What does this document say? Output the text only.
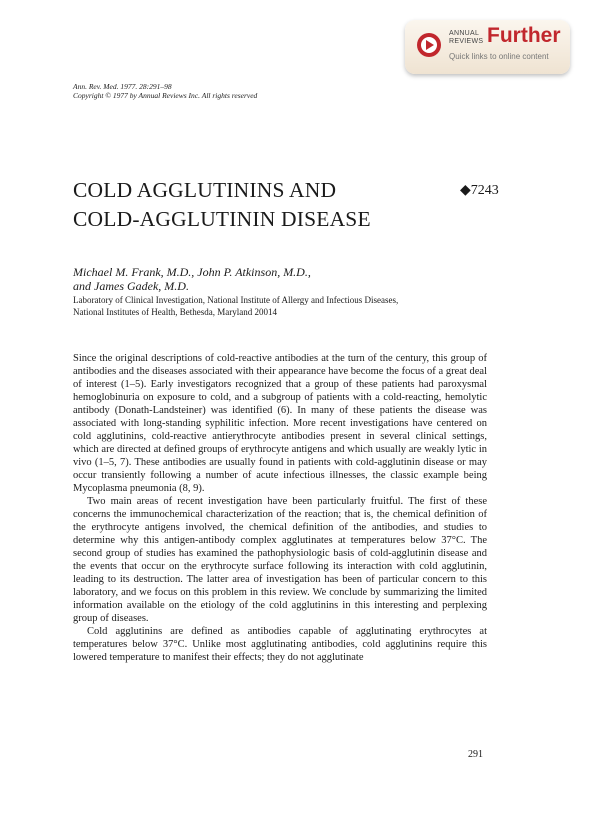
ANNUAL
REVIEWS Further
Quick links to online content
Ann. Rev. Med. 1977. 28:291–98
Copyright © 1977 by Annual Reviews Inc. All rights reserved
COLD AGGLUTININS AND
COLD-AGGLUTININ DISEASE
◆7243
Michael M. Frank, M.D., John P. Atkinson, M.D.,
and James Gadek, M.D.
Laboratory of Clinical Investigation, National Institute of Allergy and Infectious Diseases,
National Institutes of Health, Bethesda, Maryland 20014

Since the original descriptions of cold-reactive antibodies at the turn of the century, this group of antibodies and the diseases associated with their appearance have become the focus of a great deal of interest (1–5). Early investigators recognized that a group of these patients had paroxysmal hemoglobinuria on exposure to cold, and a subgroup of patients with a cold-reacting, hemolytic antibody (Donath-Landsteiner) was identified (6). In many of these patients the disease was associated with long-standing syphilitic infection. More recent investigations have centered on cold agglutinins, cold-reactive antierythrocyte antibodies present in several clinical settings, which are directed at defined groups of erythrocyte antigens and which usually are weakly lytic in vivo (1–5, 7). These antibodies are usually found in patients with cold-agglutinin disease or may occur transiently following a number of acute infectious illnesses, the classic example being Mycoplasma pneumonia (8, 9).

Two main areas of recent investigation have been particularly fruitful. The first of these concerns the immunochemical characterization of the reaction; that is, the chemical definition of the erythrocyte antigens involved, the chemical definition of the antibodies, and studies to determine why this antigen-antibody complex agglutinates at temperatures below 37°C. The second group of studies has examined the pathophysiologic basis of cold-agglutinin disease and the events that occur on the erythrocyte surface following its interaction with cold agglutinin, leading to its destruction. The latter area of investigation has been of particular concern to this laboratory, and we focus on this problem in this review. We conclude by summarizing the limited information available on the etiology of the cold agglutinins in this interesting and perplexing group of diseases.

Cold agglutinins are defined as antibodies capable of agglutinating erythrocytes at temperatures below 37°C. Unlike most agglutinating antibodies, cold agglutinins require this lowered temperature to manifest their effects; they do not agglutinate

291
